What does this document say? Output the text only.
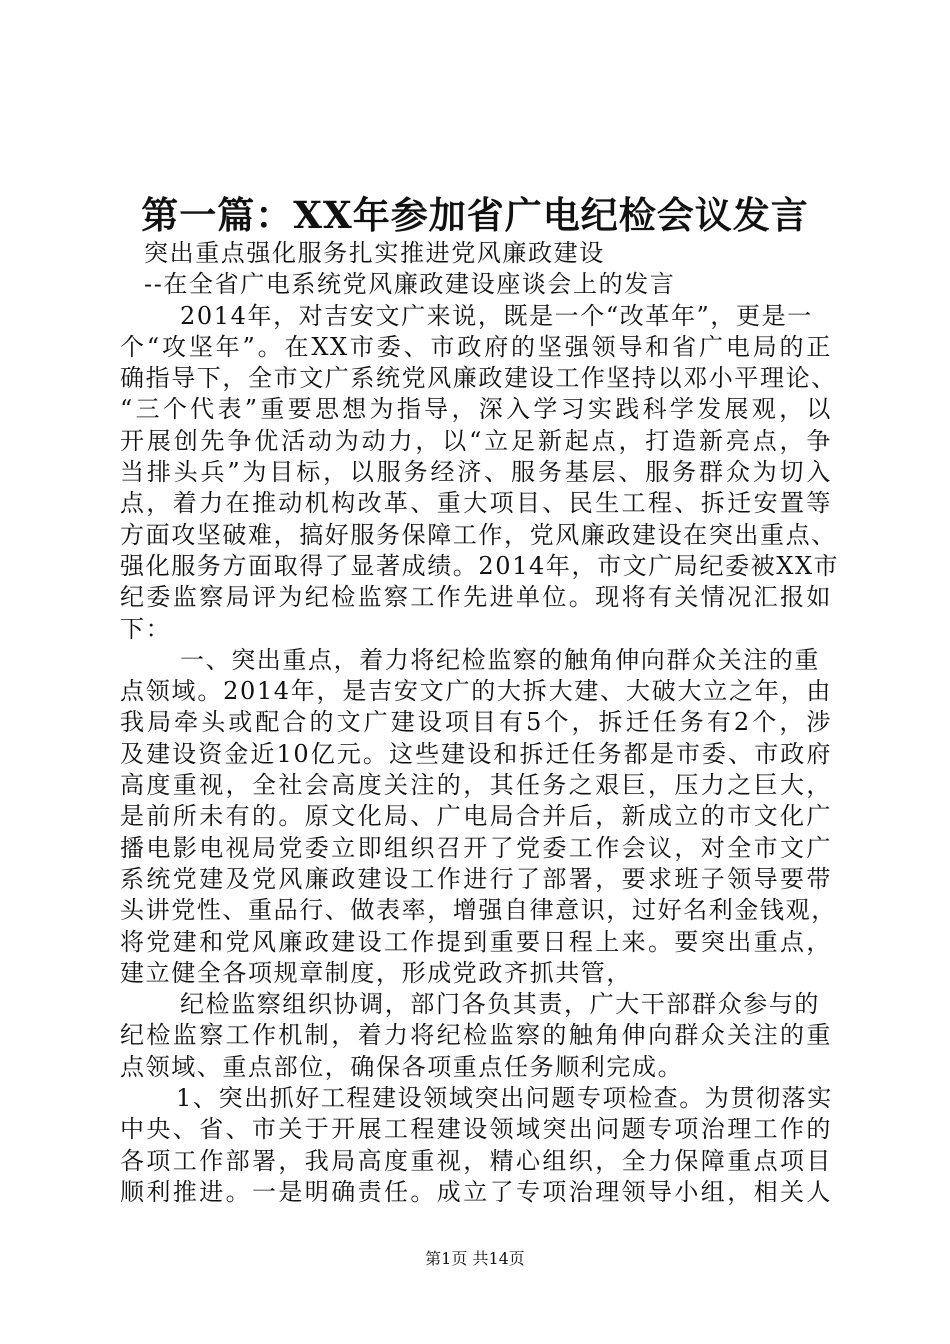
第一篇：XX年参加省广电纪检会议发言
突出重点强化服务扎实推进党风廉政建设
--在全省广电系统党风廉政建设座谈会上的发言
2014年，对吉安文广来说，既是一个“改革年”，更是一
个“攻坚年”。在XX市委、市政府的坚强领导和省广电局的正
确指导下，全市文广系统党风廉政建设工作坚持以邓小平理论、
“三个代表”重要思想为指导，深入学习实践科学发展观，以
开展创先争优活动为动力，以“立足新起点，打造新亮点，争
当排头兵”为目标，以服务经济、服务基层、服务群众为切入
点，着力在推动机构改革、重大项目、民生工程、拆迁安置等
方面攻坚破难，搞好服务保障工作，党风廉政建设在突出重点、
强化服务方面取得了显著成绩。2014年，市文广局纪委被XX市
纪委监察局评为纪检监察工作先进单位。现将有关情况汇报如
下：
一、突出重点，着力将纪检监察的触角伸向群众关注的重
点领域。2014年，是吉安文广的大拆大建、大破大立之年，由
我局牵头或配合的文广建设项目有5个，拆迁任务有2个，涉
及建设资金近10亿元。这些建设和拆迁任务都是市委、市政府
高度重视，全社会高度关注的，其任务之艰巨，压力之巨大，
是前所未有的。原文化局、广电局合并后，新成立的市文化广
播电影电视局党委立即组织召开了党委工作会议，对全市文广
系统党建及党风廉政建设工作进行了部署，要求班子领导要带
头讲党性、重品行、做表率，增强自律意识，过好名利金钱观，
将党建和党风廉政建设工作提到重要日程上来。要突出重点，
建立健全各项规章制度，形成党政齐抓共管，
纪检监察组织协调，部门各负其责，广大干部群众参与的
纪检监察工作机制，着力将纪检监察的触角伸向群众关注的重
点领域、重点部位，确保各项重点任务顺利完成。
1、突出抓好工程建设领域突出问题专项检查。为贯彻落实
中央、省、市关于开展工程建设领域突出问题专项治理工作的
各项工作部署，我局高度重视，精心组织，全力保障重点项目
顺利推进。一是明确责任。成立了专项治理领导小组，相关人
第1页 共14页
